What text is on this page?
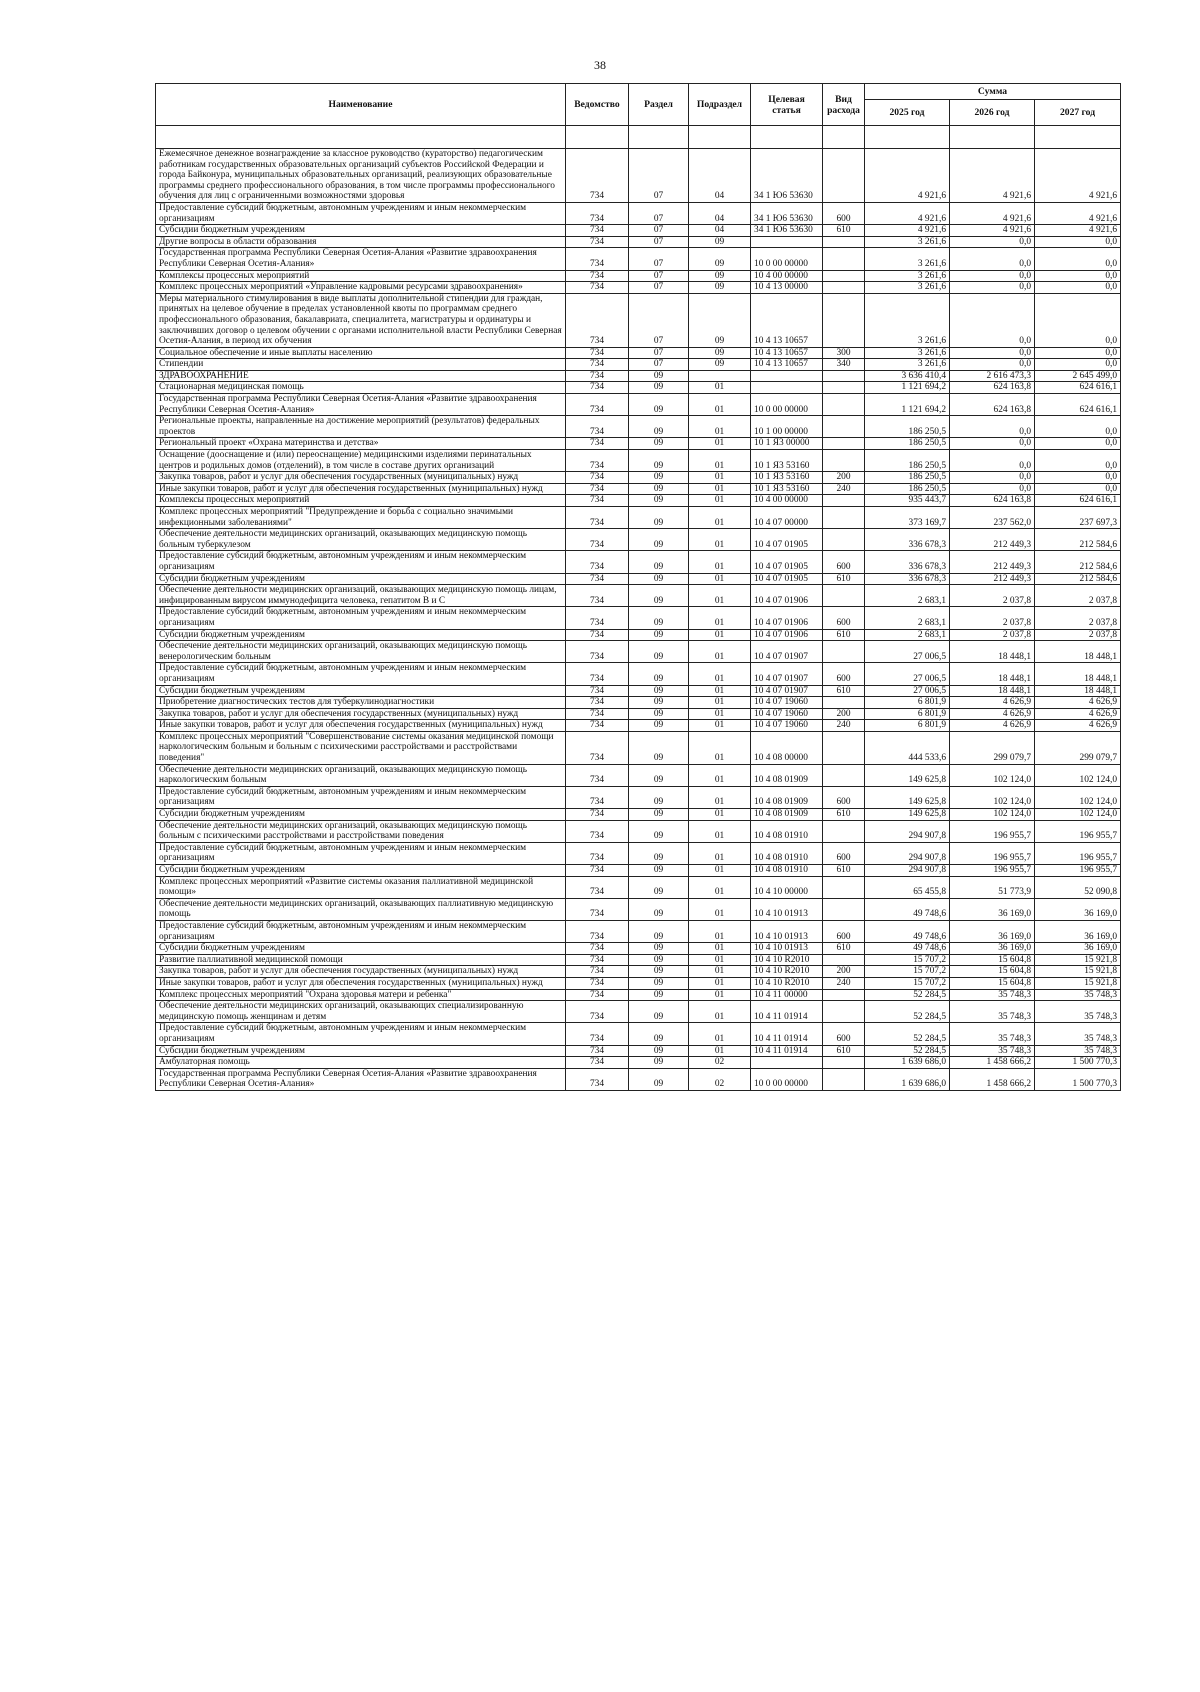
38
Наименование	Ведомство	Раздел	Подраздел	Целевая статья	Вид расхода	Сумма		
						2025 год	2026 год	2027 год

Ежемесячное денежное вознаграждение за классное руководство (кураторство) педагогическим работникам государственных образовательных организаций субъектов Российской Федерации и города Байконура, муниципальных образовательных организаций, реализующих образовательные программы среднего профессионального образования, в том числе программы профессионального обучения для лиц с ограниченными возможностями здоровья	734	07	04	34 1 Ю6 53630		4 921,6	4 921,6	4 921,6
Предоставление субсидий бюджетным, автономным учреждениям и иным некоммерческим организациям	734	07	04	34 1 Ю6 53630	600	4 921,6	4 921,6	4 921,6
Субсидии бюджетным учреждениям	734	07	04	34 1 Ю6 53630	610	4 921,6	4 921,6	4 921,6
Другие вопросы в области образования	734	07	09			3 261,6	0,0	0,0
Государственная программа Республики Северная Осетия-Алания «Развитие здравоохранения Республики Северная Осетия-Алания»	734	07	09	10 0 00 00000		3 261,6	0,0	0,0
Комплексы процессных мероприятий	734	07	09	10 4 00 00000		3 261,6	0,0	0,0
Комплекс процессных мероприятий «Управление кадровыми ресурсами здравоохранения»	734	07	09	10 4 13 00000		3 261,6	0,0	0,0
Меры материального стимулирования в виде выплаты дополнительной стипендии для граждан, принятых на целевое обучение в пределах установленной квоты по программам среднего профессионального образования, бакалавриата, специалитета, магистратуры и ординатуры и заключивших договор о целевом обучении с органами исполнительной власти Республики Северная Осетия-Алания, в период их обучения	734	07	09	10 4 13 10657		3 261,6	0,0	0,0
Социальное обеспечение и иные выплаты населению	734	07	09	10 4 13 10657	300	3 261,6	0,0	0,0
Стипендии	734	07	09	10 4 13 10657	340	3 261,6	0,0	0,0
ЗДРАВООХРАНЕНИЕ	734	09				3 636 410,4	2 616 473,3	2 645 499,0
Стационарная медицинская помощь	734	09	01			1 121 694,2	624 163,8	624 616,1
Государственная программа Республики Северная Осетия-Алания «Развитие здравоохранения Республики Северная Осетия-Алания»	734	09	01	10 0 00 00000		1 121 694,2	624 163,8	624 616,1
Региональные проекты, направленные на достижение мероприятий (результатов) федеральных проектов	734	09	01	10 1 00 00000		186 250,5	0,0	0,0
Региональный проект «Охрана материнства и детства»	734	09	01	10 1 Я3 00000		186 250,5	0,0	0,0
Оснащение (дооснащение и (или) переоснащение) медицинскими изделиями перинатальных центров и родильных домов (отделений), в том числе в составе других организаций	734	09	01	10 1 Я3 53160		186 250,5	0,0	0,0
Закупка товаров, работ и услуг для обеспечения государственных (муниципальных) нужд	734	09	01	10 1 Я3 53160	200	186 250,5	0,0	0,0
Иные закупки товаров, работ и услуг для обеспечения государственных (муниципальных) нужд	734	09	01	10 1 Я3 53160	240	186 250,5	0,0	0,0
Комплексы процессных мероприятий	734	09	01	10 4 00 00000		935 443,7	624 163,8	624 616,1
Комплекс процессных мероприятий "Предупреждение и борьба с социально значимыми инфекционными заболеваниями"	734	09	01	10 4 07 00000		373 169,7	237 562,0	237 697,3
Обеспечение деятельности медицинских организаций, оказывающих медицинскую помощь больным туберкулезом	734	09	01	10 4 07 01905		336 678,3	212 449,3	212 584,6
Предоставление субсидий бюджетным, автономным учреждениям и иным некоммерческим организациям	734	09	01	10 4 07 01905	600	336 678,3	212 449,3	212 584,6
Субсидии бюджетным учреждениям	734	09	01	10 4 07 01905	610	336 678,3	212 449,3	212 584,6
Обеспечение деятельности медицинских организаций, оказывающих медицинскую помощь лицам, инфицированным вирусом иммунодефицита человека, гепатитом В и С	734	09	01	10 4 07 01906		2 683,1	2 037,8	2 037,8
Предоставление субсидий бюджетным, автономным учреждениям и иным некоммерческим организациям	734	09	01	10 4 07 01906	600	2 683,1	2 037,8	2 037,8
Субсидии бюджетным учреждениям	734	09	01	10 4 07 01906	610	2 683,1	2 037,8	2 037,8
Обеспечение деятельности медицинских организаций, оказывающих медицинскую помощь венерологическим больным	734	09	01	10 4 07 01907		27 006,5	18 448,1	18 448,1
Предоставление субсидий бюджетным, автономным учреждениям и иным некоммерческим организациям	734	09	01	10 4 07 01907	600	27 006,5	18 448,1	18 448,1
Субсидии бюджетным учреждениям	734	09	01	10 4 07 01907	610	27 006,5	18 448,1	18 448,1
Приобретение диагностических тестов для туберкулинодиагностики	734	09	01	10 4 07 19060		6 801,9	4 626,9	4 626,9
Закупка товаров, работ и услуг для обеспечения государственных (муниципальных) нужд	734	09	01	10 4 07 19060	200	6 801,9	4 626,9	4 626,9
Иные закупки товаров, работ и услуг для обеспечения государственных (муниципальных) нужд	734	09	01	10 4 07 19060	240	6 801,9	4 626,9	4 626,9
Комплекс процессных мероприятий "Совершенствование системы оказания медицинской помощи наркологическим больным и больным с психическими расстройствами и расстройствами поведения"	734	09	01	10 4 08 00000		444 533,6	299 079,7	299 079,7
Обеспечение деятельности медицинских организаций, оказывающих медицинскую помощь наркологическим больным	734	09	01	10 4 08 01909		149 625,8	102 124,0	102 124,0
Предоставление субсидий бюджетным, автономным учреждениям и иным некоммерческим организациям	734	09	01	10 4 08 01909	600	149 625,8	102 124,0	102 124,0
Субсидии бюджетным учреждениям	734	09	01	10 4 08 01909	610	149 625,8	102 124,0	102 124,0
Обеспечение деятельности медицинских организаций, оказывающих медицинскую помощь больным с психическими расстройствами и расстройствами поведения	734	09	01	10 4 08 01910		294 907,8	196 955,7	196 955,7
Предоставление субсидий бюджетным, автономным учреждениям и иным некоммерческим организациям	734	09	01	10 4 08 01910	600	294 907,8	196 955,7	196 955,7
Субсидии бюджетным учреждениям	734	09	01	10 4 08 01910	610	294 907,8	196 955,7	196 955,7
Комплекс процессных мероприятий «Развитие системы оказания паллиативной медицинской помощи»	734	09	01	10 4 10 00000		65 455,8	51 773,9	52 090,8
Обеспечение деятельности медицинских организаций, оказывающих паллиативную медицинскую помощь	734	09	01	10 4 10 01913		49 748,6	36 169,0	36 169,0
Предоставление субсидий бюджетным, автономным учреждениям и иным некоммерческим организациям	734	09	01	10 4 10 01913	600	49 748,6	36 169,0	36 169,0
Субсидии бюджетным учреждениям	734	09	01	10 4 10 01913	610	49 748,6	36 169,0	36 169,0
Развитие паллиативной медицинской помощи	734	09	01	10 4 10 R2010		15 707,2	15 604,8	15 921,8
Закупка товаров, работ и услуг для обеспечения государственных (муниципальных) нужд	734	09	01	10 4 10 R2010	200	15 707,2	15 604,8	15 921,8
Иные закупки товаров, работ и услуг для обеспечения государственных (муниципальных) нужд	734	09	01	10 4 10 R2010	240	15 707,2	15 604,8	15 921,8
Комплекс процессных мероприятий "Охрана здоровья матери и ребенка"	734	09	01	10 4 11 00000		52 284,5	35 748,3	35 748,3
Обеспечение деятельности медицинских организаций, оказывающих специализированную медицинскую помощь женщинам и детям	734	09	01	10 4 11 01914		52 284,5	35 748,3	35 748,3
Предоставление субсидий бюджетным, автономным учреждениям и иным некоммерческим организациям	734	09	01	10 4 11 01914	600	52 284,5	35 748,3	35 748,3
Субсидии бюджетным учреждениям	734	09	01	10 4 11 01914	610	52 284,5	35 748,3	35 748,3
Амбулаторная помощь	734	09	02			1 639 686,0	1 458 666,2	1 500 770,3
Государственная программа Республики Северная Осетия-Алания «Развитие здравоохранения Республики Северная Осетия-Алания»	734	09	02	10 0 00 00000		1 639 686,0	1 458 666,2	1 500 770,3
